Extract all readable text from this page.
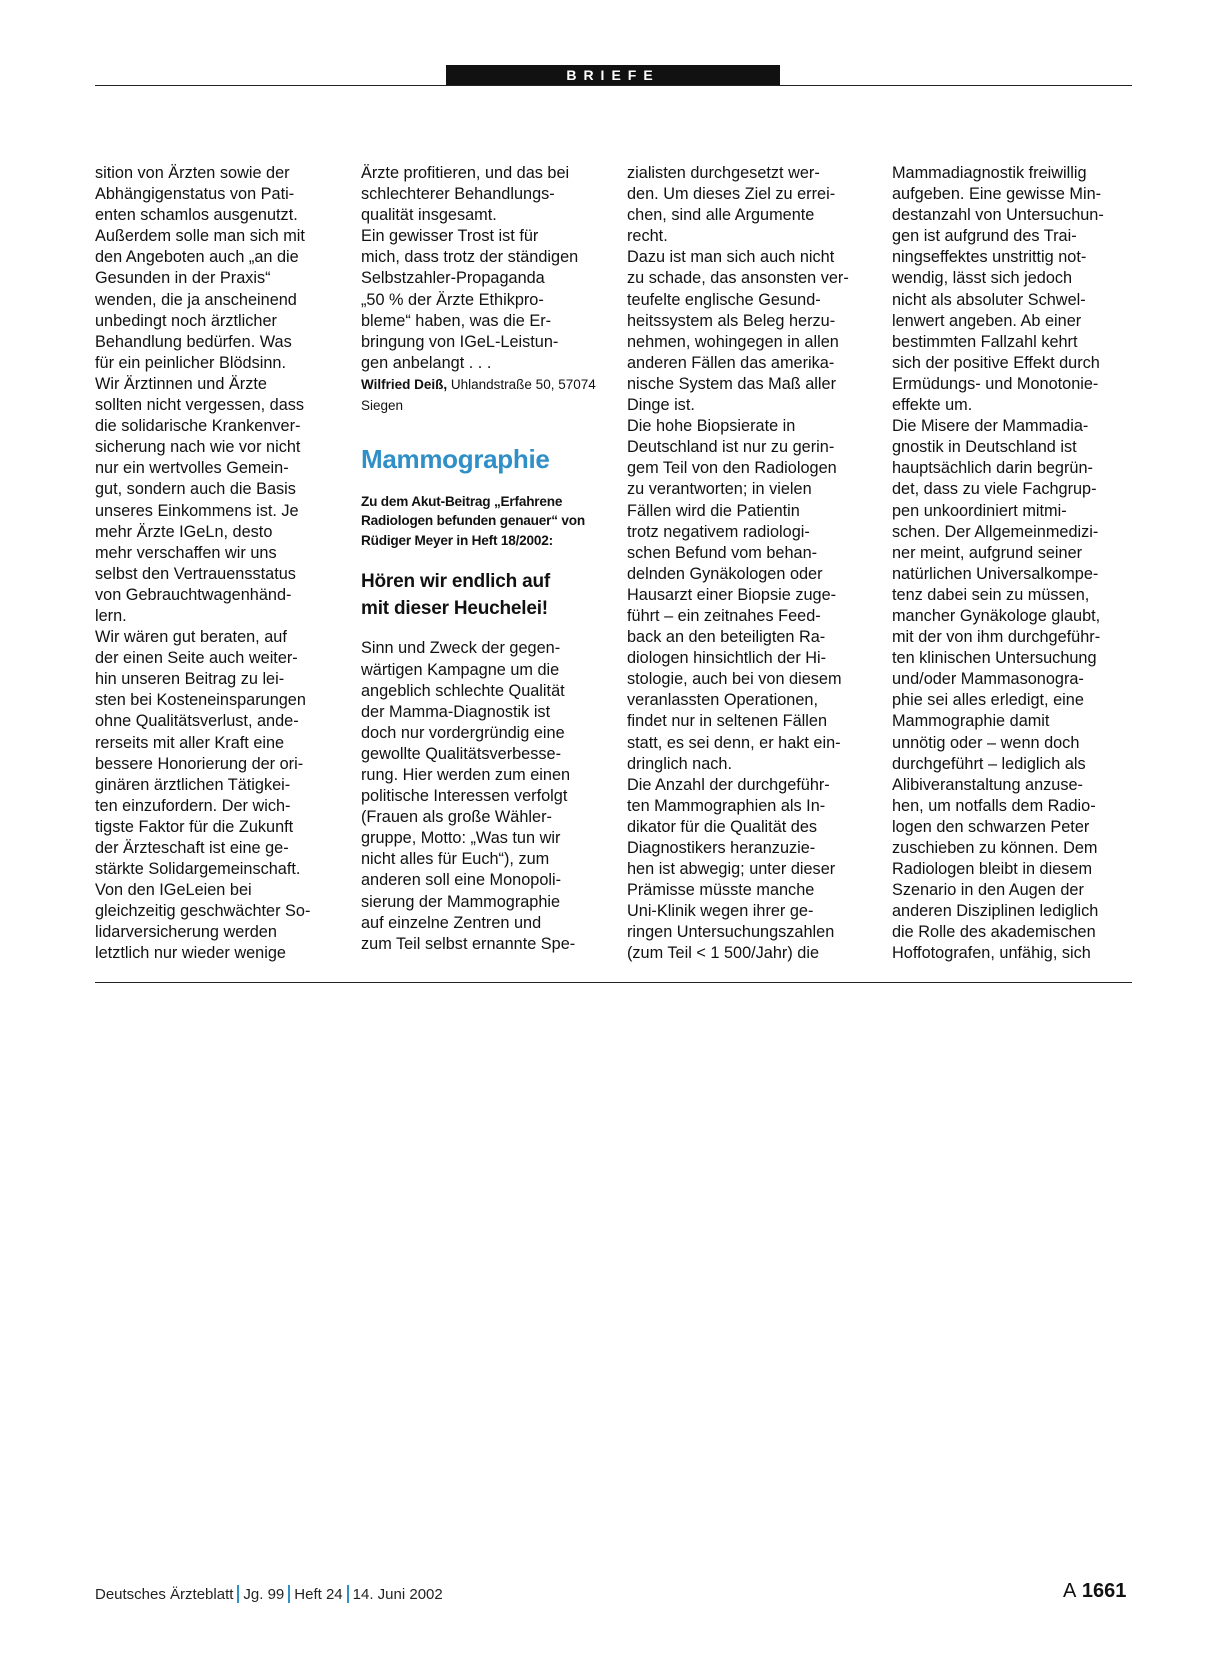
BRIEFE
sition von Ärzten sowie der
Abhängigenstatus von Pati-
enten schamlos ausgenutzt.
Außerdem solle man sich mit
den Angeboten auch „an die
Gesunden in der Praxis“
wenden, die ja anscheinend
unbedingt noch ärztlicher
Behandlung bedürfen. Was
für ein peinlicher Blödsinn.
Wir Ärztinnen und Ärzte
sollten nicht vergessen, dass
die solidarische Krankenver-
sicherung nach wie vor nicht
nur ein wertvolles Gemein-
gut, sondern auch die Basis
unseres Einkommens ist. Je
mehr Ärzte IGeLn, desto
mehr verschaffen wir uns
selbst den Vertrauensstatus
von Gebrauchtwagenhänd-
lern.
Wir wären gut beraten, auf
der einen Seite auch weiter-
hin unseren Beitrag zu lei-
sten bei Kosteneinsparungen
ohne Qualitätsverlust, ande-
rerseits mit aller Kraft eine
bessere Honorierung der ori-
ginären ärztlichen Tätigkei-
ten einzufordern. Der wich-
tigste Faktor für die Zukunft
der Ärzteschaft ist eine ge-
stärkte Solidargemeinschaft.
Von den IGeLeien bei
gleichzeitig geschwächter So-
lidarversicherung werden
letztlich nur wieder wenige
Ärzte profitieren, und das bei
schlechterer Behandlungs-
qualität insgesamt.
Ein gewisser Trost ist für
mich, dass trotz der ständigen
Selbstzahler-Propaganda
„50 % der Ärzte Ethikpro-
bleme“ haben, was die Er-
bringung von IGeL-Leistun-
gen anbelangt . . .
Wilfried Deiß, Uhlandstraße 50, 57074
Siegen
Mammographie
Zu dem Akut-Beitrag „Erfahrene
Radiologen befunden genauer“ von
Rüdiger Meyer in Heft 18/2002:
Hören wir endlich auf
mit dieser Heuchelei!
Sinn und Zweck der gegen-
wärtigen Kampagne um die
angeblich schlechte Qualität
der Mamma-Diagnostik ist
doch nur vordergründig eine
gewollte Qualitätsverbesse-
rung. Hier werden zum einen
politische Interessen verfolgt
(Frauen als große Wähler-
gruppe, Motto: „Was tun wir
nicht alles für Euch“), zum
anderen soll eine Monopoli-
sierung der Mammographie
auf einzelne Zentren und
zum Teil selbst ernannte Spe-
zialisten durchgesetzt wer-
den. Um dieses Ziel zu errei-
chen, sind alle Argumente
recht.
Dazu ist man sich auch nicht
zu schade, das ansonsten ver-
teufelte englische Gesund-
heitssystem als Beleg herzu-
nehmen, wohingegen in allen
anderen Fällen das amerika-
nische System das Maß aller
Dinge ist.
Die hohe Biopsierate in
Deutschland ist nur zu gerin-
gem Teil von den Radiologen
zu verantworten; in vielen
Fällen wird die Patientin
trotz negativem radiologi-
schen Befund vom behan-
delnden Gynäkologen oder
Hausarzt einer Biopsie zuge-
führt – ein zeitnahes Feed-
back an den beteiligten Ra-
diologen hinsichtlich der Hi-
stologie, auch bei von diesem
veranlassten Operationen,
findet nur in seltenen Fällen
statt, es sei denn, er hakt ein-
dringlich nach.
Die Anzahl der durchgeführ-
ten Mammographien als In-
dikator für die Qualität des
Diagnostikers heranzuzie-
hen ist abwegig; unter dieser
Prämisse müsste manche
Uni-Klinik wegen ihrer ge-
ringen Untersuchungszahlen
(zum Teil < 1 500/Jahr) die
Mammadiagnostik freiwillig
aufgeben. Eine gewisse Min-
destanzahl von Untersuchun-
gen ist aufgrund des Trai-
ningseffektes unstrittig not-
wendig, lässt sich jedoch
nicht als absoluter Schwel-
lenwert angeben. Ab einer
bestimmten Fallzahl kehrt
sich der positive Effekt durch
Ermüdungs- und Monotonie-
effekte um.
Die Misere der Mammadia-
gnostik in Deutschland ist
hauptsächlich darin begrün-
det, dass zu viele Fachgrup-
pen unkoordiniert mitmi-
schen. Der Allgemeinmedizi-
ner meint, aufgrund seiner
natürlichen Universalkompe-
tenz dabei sein zu müssen,
mancher Gynäkologe glaubt,
mit der von ihm durchgeführ-
ten klinischen Untersuchung
und/oder Mammasonogra-
phie sei alles erledigt, eine
Mammographie damit
unnötig oder – wenn doch
durchgeführt – lediglich als
Alibiveranstaltung anzuse-
hen, um notfalls dem Radio-
logen den schwarzen Peter
zuschieben zu können. Dem
Radiologen bleibt in diesem
Szenario in den Augen der
anderen Disziplinen lediglich
die Rolle des akademischen
Hoffotografen, unfähig, sich
Deutsches Ärzteblatt Jg. 99 Heft 24 14. Juni 2002	A 1661
